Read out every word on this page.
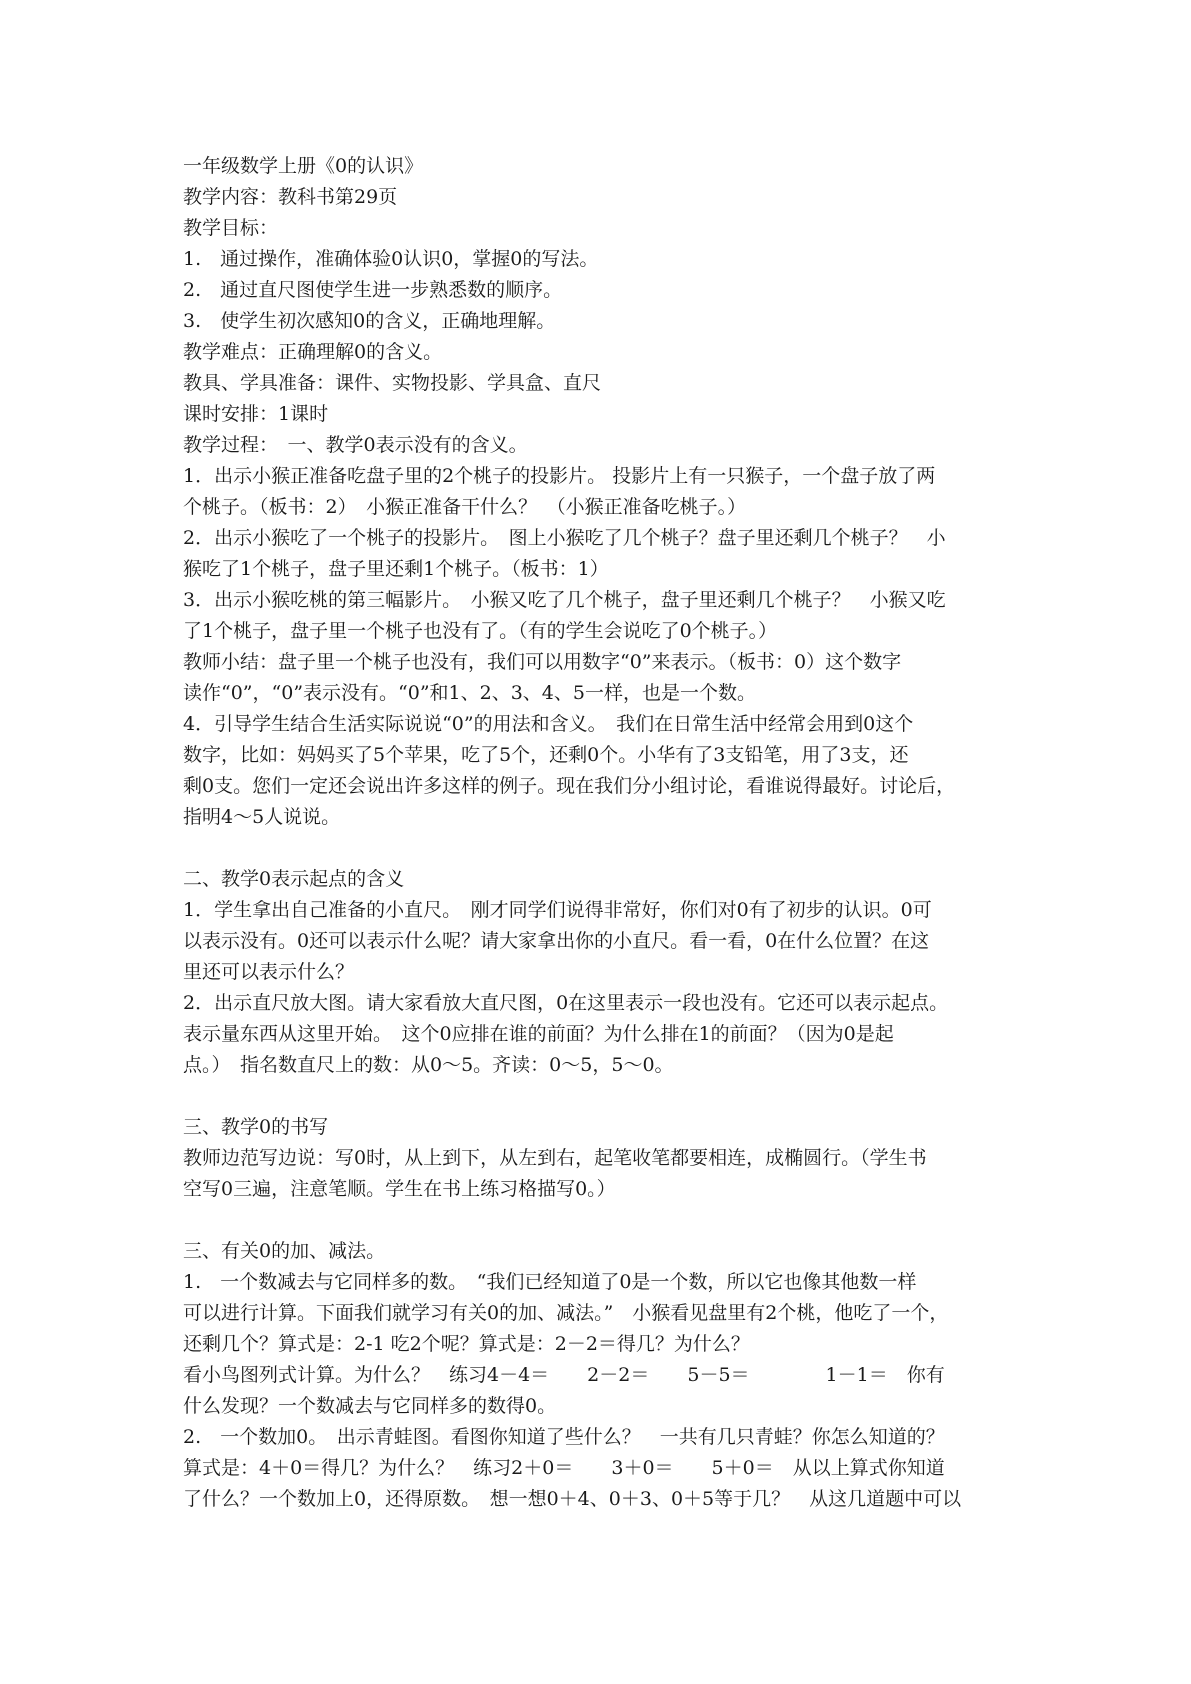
一年级数学上册《0的认识》
教学内容：教科书第29页
教学目标：
1.　通过操作，准确体验0认识0，掌握0的写法。
2.　通过直尺图使学生进一步熟悉数的顺序。
3.　使学生初次感知0的含义，正确地理解。
教学难点：正确理解0的含义。
教具、学具准备：课件、实物投影、学具盒、直尺
课时安排：1课时
教学过程：　一、教学0表示没有的含义。
1．出示小猴正准备吃盘子里的2个桃子的投影片。 投影片上有一只猴子，一个盘子放了两
个桃子。（板书：2）　小猴正准备干什么？　（小猴正准备吃桃子。）
2．出示小猴吃了一个桃子的投影片。　图上小猴吃了几个桃子？盘子里还剩几个桃子？　小
猴吃了1个桃子，盘子里还剩1个桃子。（板书：1）
3．出示小猴吃桃的第三幅影片。　小猴又吃了几个桃子，盘子里还剩几个桃子？　小猴又吃
了1个桃子，盘子里一个桃子也没有了。（有的学生会说吃了0个桃子。）
教师小结：盘子里一个桃子也没有，我们可以用数字“0”来表示。（板书：0）这个数字
读作“0”，“0”表示没有。“0”和1、2、3、4、5一样，也是一个数。
4．引导学生结合生活实际说说“0”的用法和含义。　我们在日常生活中经常会用到0这个
数字，比如：妈妈买了5个苹果，吃了5个，还剩0个。小华有了3支铅笔，用了3支，还
剩0支。您们一定还会说出许多这样的例子。现在我们分小组讨论，看谁说得最好。讨论后，
指明4～5人说说。
二、教学0表示起点的含义
1．学生拿出自己准备的小直尺。　刚才同学们说得非常好，你们对0有了初步的认识。0可
以表示没有。0还可以表示什么呢？请大家拿出你的小直尺。看一看，0在什么位置？在这
里还可以表示什么？
2．出示直尺放大图。请大家看放大直尺图，0在这里表示一段也没有。它还可以表示起点。
表示量东西从这里开始。　这个0应排在谁的前面？为什么排在1的前面？（因为0是起
点。）　指名数直尺上的数：从0～5。齐读：0～5，5～0。
三、教学0的书写
教师边范写边说：写0时，从上到下，从左到右，起笔收笔都要相连，成椭圆行。（学生书
空写0三遍，注意笔顺。学生在书上练习格描写0。）
三、有关0的加、减法。
1.　一个数减去与它同样多的数。　“我们已经知道了0是一个数，所以它也像其他数一样
可以进行计算。下面我们就学习有关0的加、减法。”　小猴看见盘里有2个桃，他吃了一个，
还剩几个？算式是：2-1 吃2个呢？算式是：2－2＝得几？为什么？
看小鸟图列式计算。为什么？　练习4－4＝　　2－2＝　　5－5＝　　　　1－1＝　你有
什么发现？一个数减去与它同样多的数得0。
2.　一个数加0。　出示青蛙图。看图你知道了些什么？　一共有几只青蛙？你怎么知道的？
算式是：4＋0＝得几？为什么？　练习2＋0＝　　3＋0＝　　5＋0＝　从以上算式你知道
了什么？一个数加上0，还得原数。　想一想0＋4、0＋3、0＋5等于几？　从这几道题中可以
